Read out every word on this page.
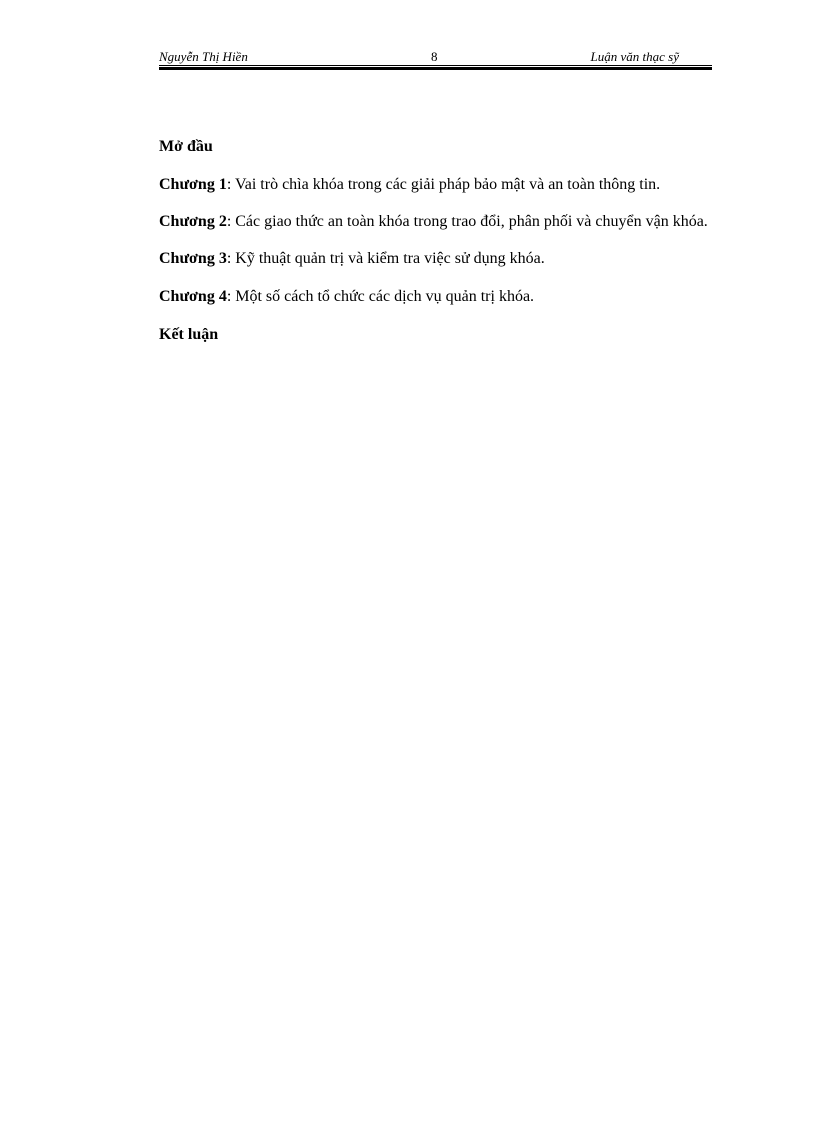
Nguyễn Thị Hiền	8	Luận văn thạc sỹ

Mở đầu

Chương 1: Vai trò chìa khóa trong các giải pháp bảo mật và an toàn thông tin.

Chương 2: Các giao thức an toàn khóa trong trao đổi, phân phối và chuyển vận khóa.

Chương 3: Kỹ thuật quản trị và kiểm tra việc sử dụng khóa.

Chương 4: Một số cách tổ chức các dịch vụ quản trị khóa.

Kết luận
